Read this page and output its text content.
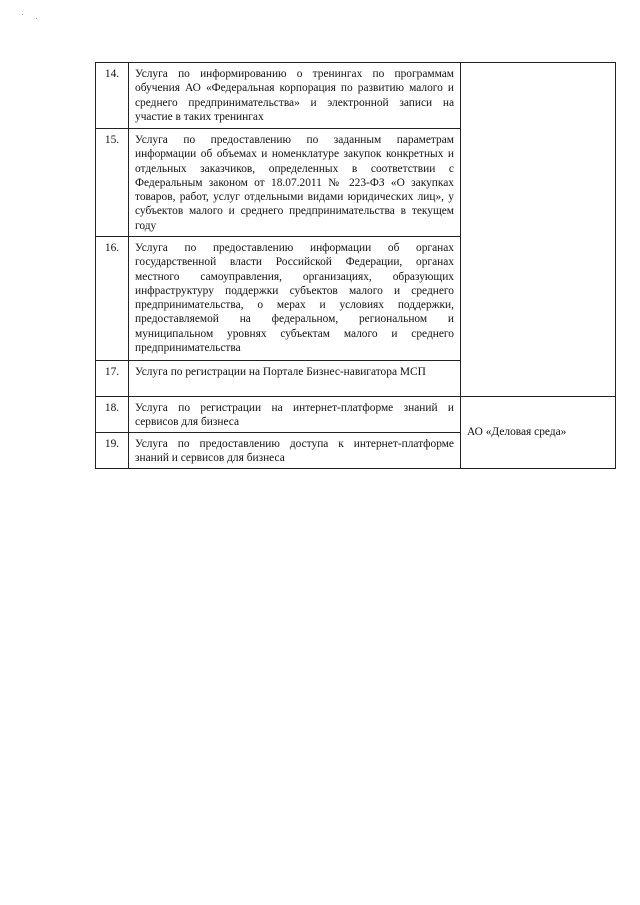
14.	Услуга по информированию о тренингах по программам обучения АО «Федеральная корпорация по развитию малого и среднего предпринимательства» и электронной записи на участие в таких тренингах	
15.	Услуга по предоставлению по заданным параметрам информации об объемах и номенклатуре закупок конкретных и отдельных заказчиков, определенных в соответствии с Федеральным законом от 18.07.2011 № 223-ФЗ «О закупках товаров, работ, услуг отдельными видами юридических лиц», у субъектов малого и среднего предпринимательства в текущем году	
16.	Услуга по предоставлению информации об органах государственной власти Российской Федерации, органах местного самоуправления, организациях, образующих инфраструктуру поддержки субъектов малого и среднего предпринимательства, о мерах и условиях поддержки, предоставляемой на федеральном, региональном и муниципальном уровнях субъектам малого и среднего предпринимательства	
17.	Услуга по регистрации на Портале Бизнес-навигатора МСП	
18.	Услуга по регистрации на интернет-платформе знаний и сервисов для бизнеса	АО «Деловая среда»
19.	Услуга по предоставлению доступа к интернет-платформе знаний и сервисов для бизнеса	
